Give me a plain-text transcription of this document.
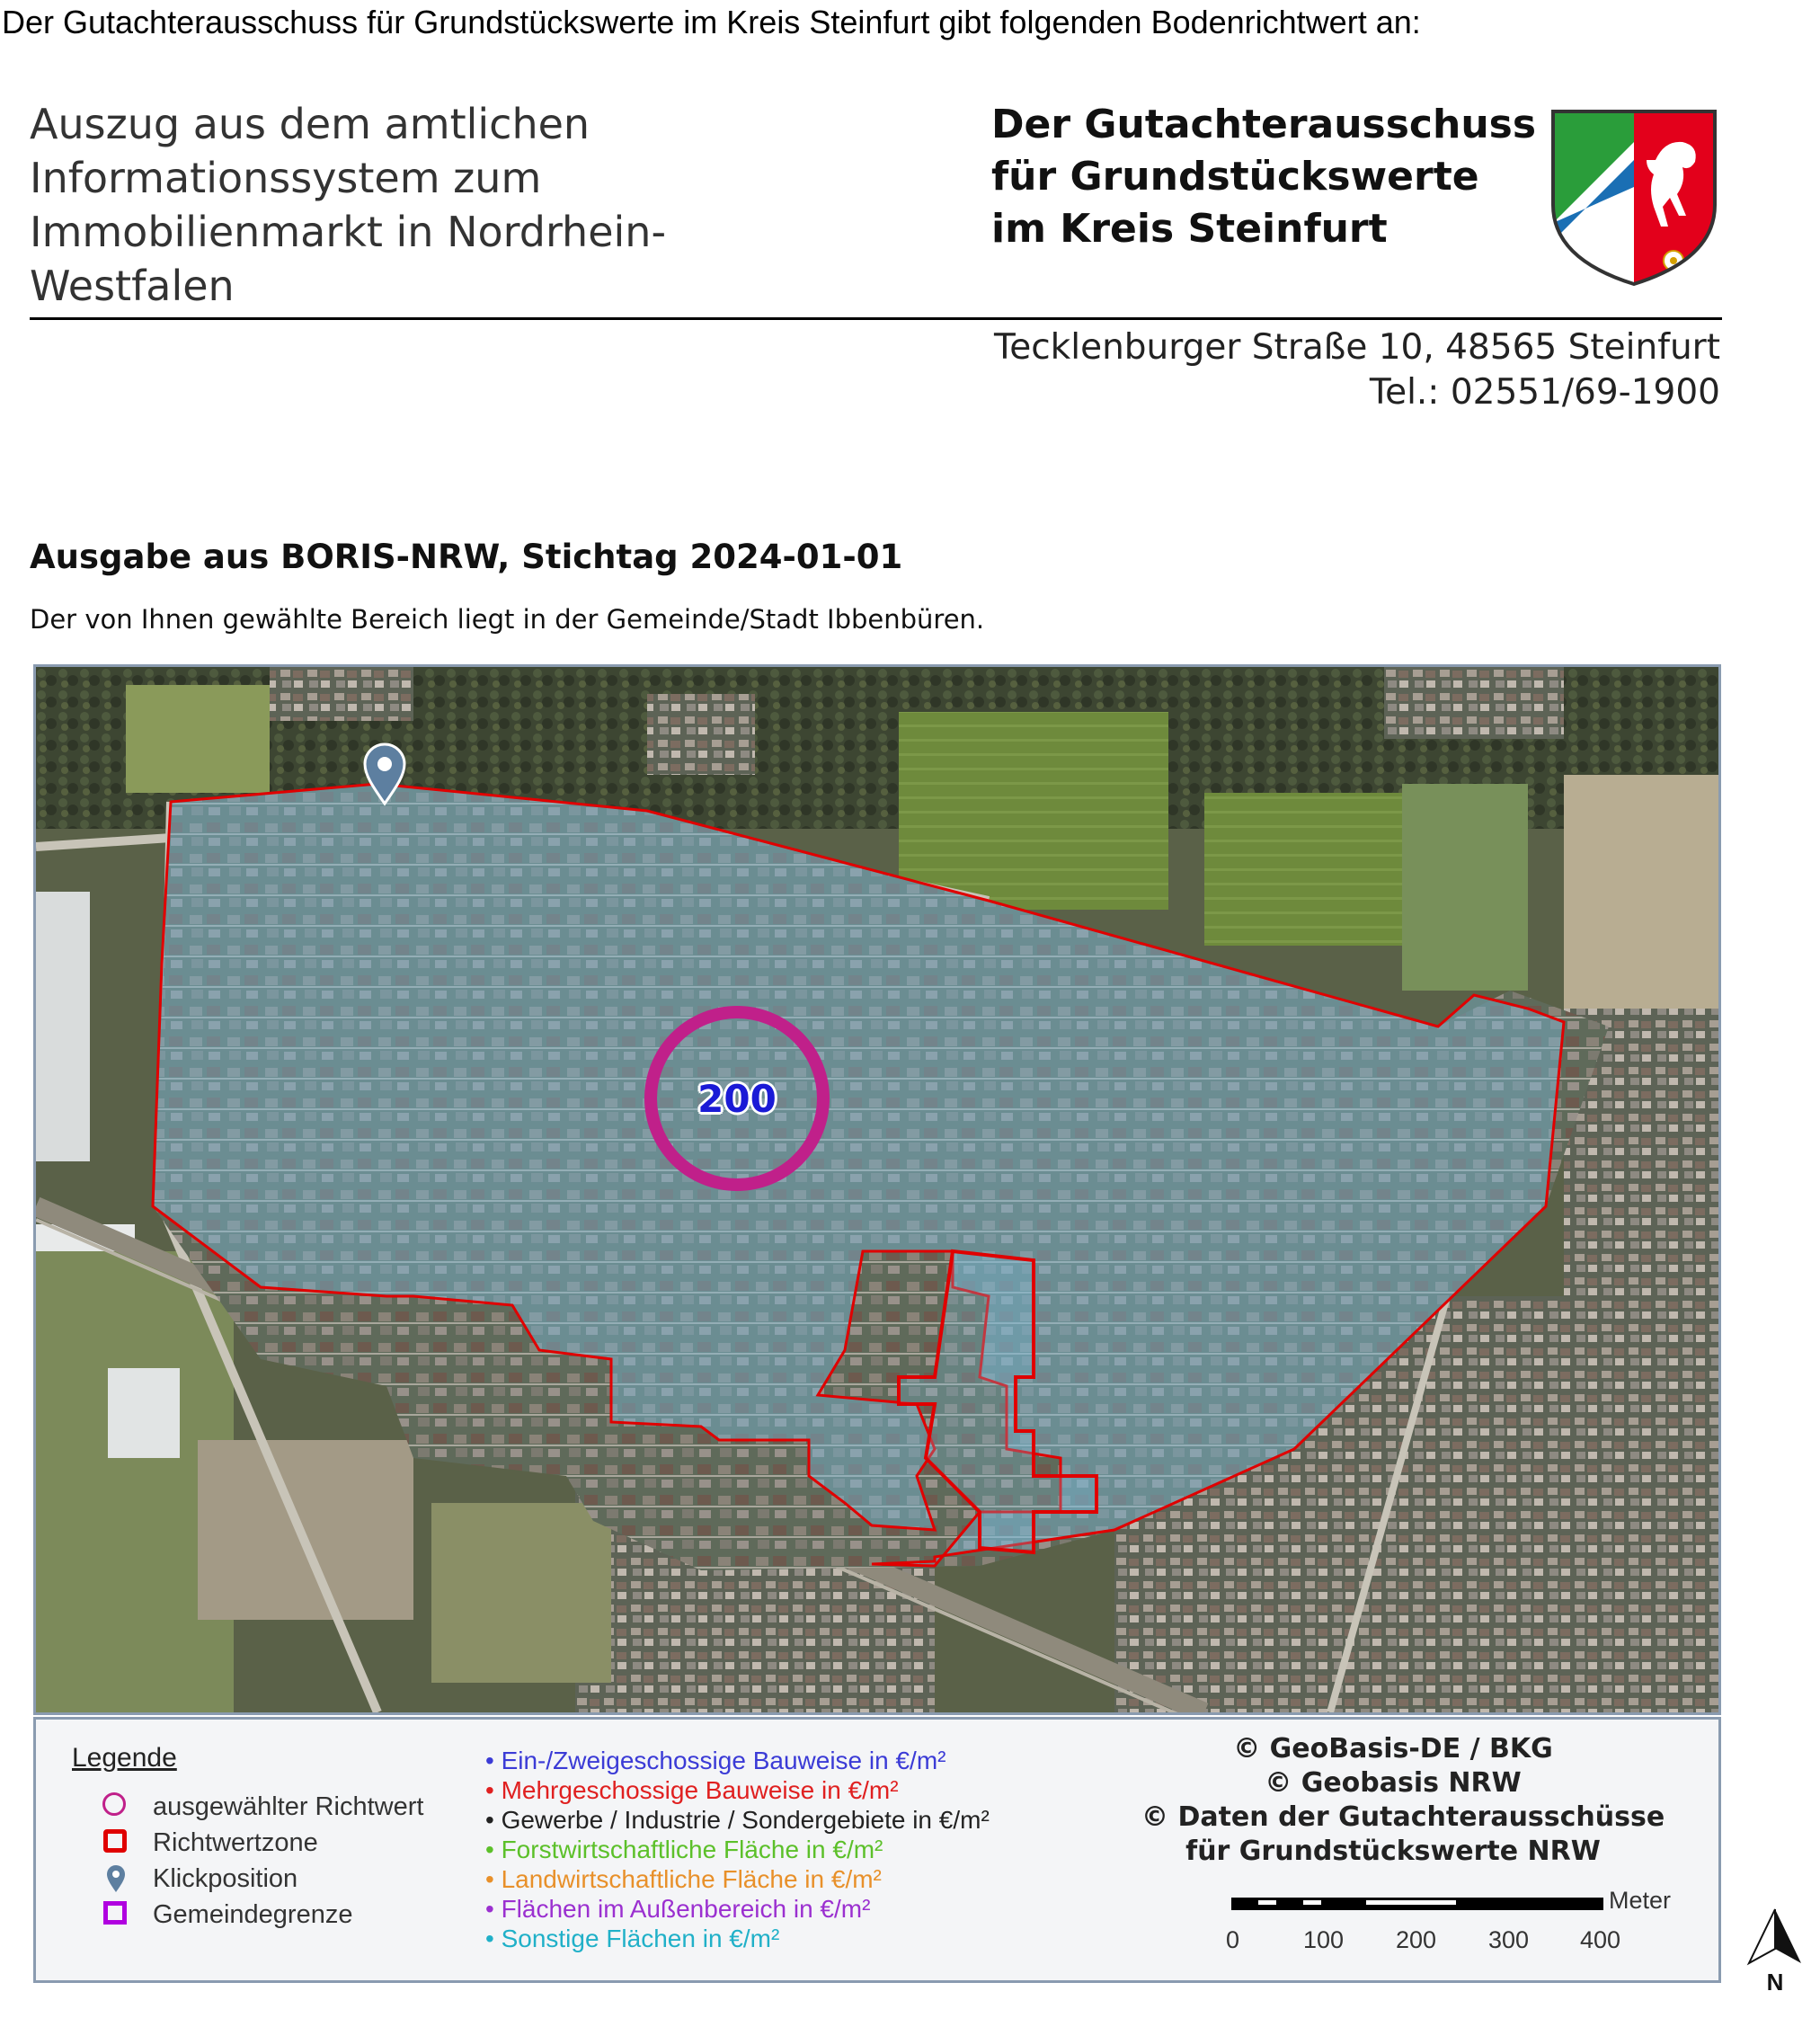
Der Gutachterausschuss für Grundstückswerte im Kreis Steinfurt gibt folgenden Bodenrichtwert an:
Auszug aus dem amtlichen
Informationssystem zum
Immobilienmarkt in Nordrhein-
Westfalen
Der Gutachterausschuss
für Grundstückswerte
im Kreis Steinfurt
Tecklenburger Straße 10, 48565 Steinfurt
Tel.: 02551/69-1900
Ausgabe aus BORIS-NRW, Stichtag 2024-01-01
Der von Ihnen gewählte Bereich liegt in der Gemeinde/Stadt Ibbenbüren.
200
Legende
ausgewählter Richtwert
Richtwertzone
Klickposition
Gemeindegrenze
• Ein-/Zweigeschossige Bauweise in €/m²
• Mehrgeschossige Bauweise in €/m²
• Gewerbe / Industrie / Sondergebiete in €/m²
• Forstwirtschaftliche Fläche in €/m²
• Landwirtschaftliche Fläche in €/m²
• Flächen im Außenbereich in €/m²
• Sonstige Flächen in €/m²
© GeoBasis-DE / BKG
© Geobasis NRW
© Daten der Gutachterausschüsse
für Grundstückswerte NRW
Meter
0	100 200 300 400
N
